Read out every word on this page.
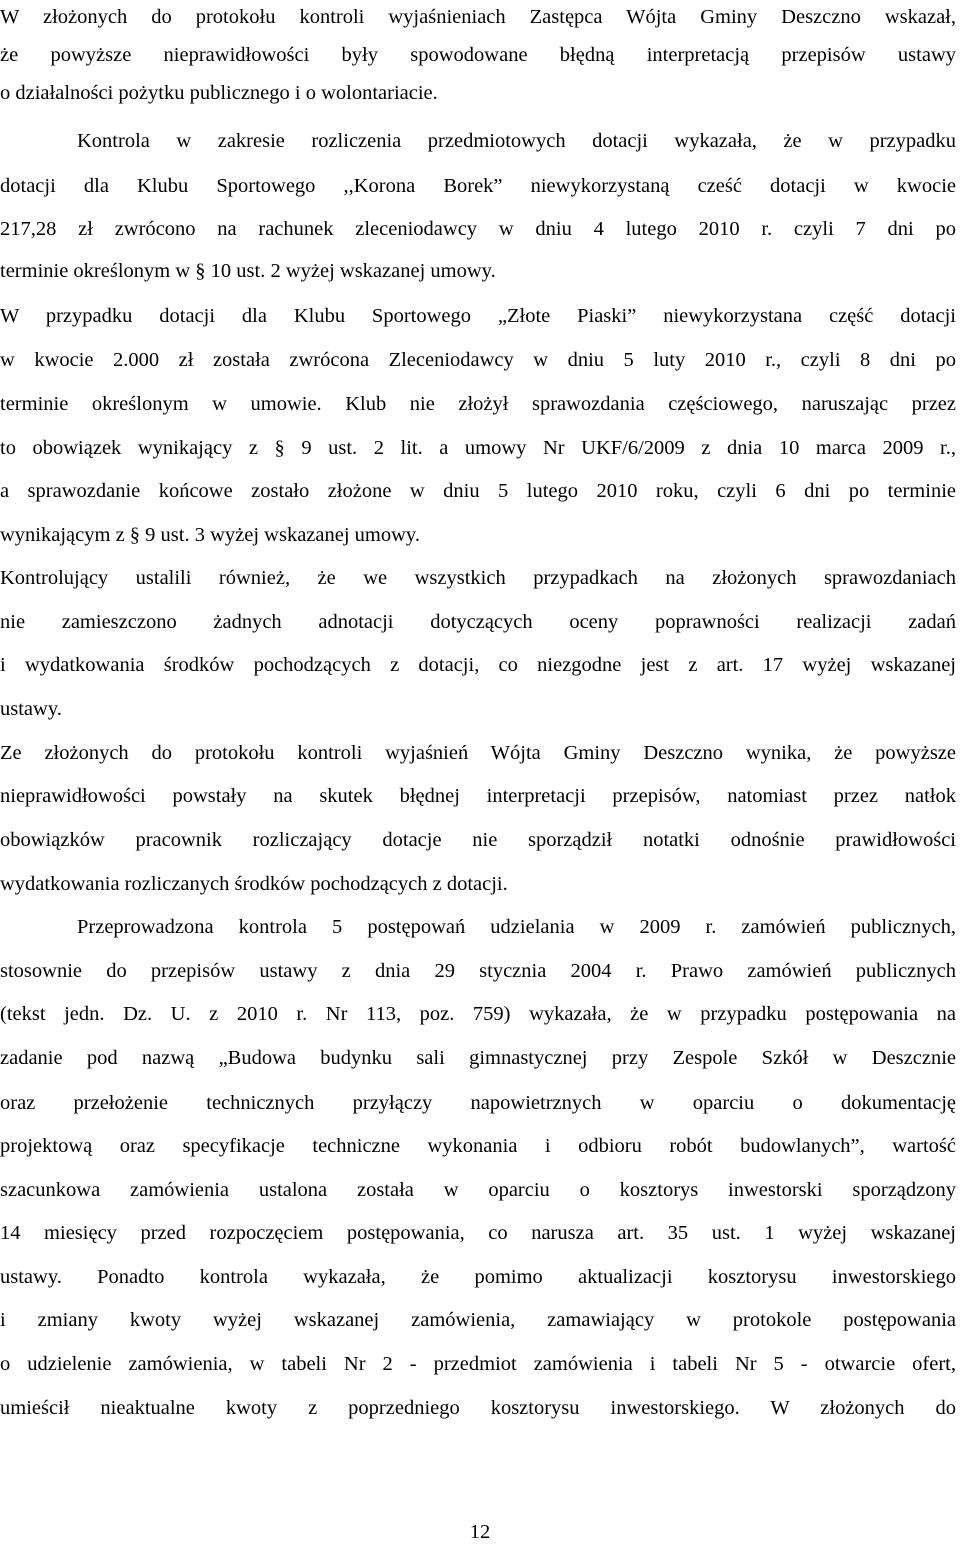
W złożonych do protokołu kontroli wyjaśnieniach Zastępca Wójta Gminy Deszczno wskazał,
że powyższe nieprawidłowości były spowodowane błędną interpretacją przepisów ustawy
o działalności pożytku publicznego i o wolontariacie.
Kontrola w zakresie rozliczenia przedmiotowych dotacji wykazała, że w przypadku
dotacji dla Klubu Sportowego ,,Korona Borek” niewykorzystaną cześć dotacji w kwocie
217,28 zł zwrócono na rachunek zleceniodawcy w dniu 4 lutego 2010 r. czyli 7 dni po
terminie określonym w § 10 ust. 2 wyżej wskazanej umowy.
W przypadku dotacji dla Klubu Sportowego „Złote Piaski” niewykorzystana część dotacji
w kwocie 2.000 zł została zwrócona Zleceniodawcy w dniu 5 luty 2010 r., czyli 8 dni po
terminie określonym w umowie. Klub nie złożył sprawozdania częściowego, naruszając przez
to obowiązek wynikający z § 9 ust. 2 lit. a umowy Nr UKF/6/2009 z dnia 10 marca 2009 r.,
a sprawozdanie końcowe zostało złożone w dniu 5 lutego 2010 roku, czyli 6 dni po terminie
wynikającym z § 9 ust. 3 wyżej wskazanej umowy.
Kontrolujący ustalili również, że we wszystkich przypadkach na złożonych sprawozdaniach
nie zamieszczono żadnych adnotacji dotyczących oceny poprawności realizacji zadań
i wydatkowania środków pochodzących z dotacji, co niezgodne jest z art. 17 wyżej wskazanej
ustawy.
Ze złożonych do protokołu kontroli wyjaśnień Wójta Gminy Deszczno wynika, że powyższe
nieprawidłowości powstały na skutek błędnej interpretacji przepisów, natomiast przez natłok
obowiązków pracownik rozliczający dotacje nie sporządził notatki odnośnie prawidłowości
wydatkowania rozliczanych środków pochodzących z dotacji.
Przeprowadzona kontrola 5 postępowań udzielania w 2009 r. zamówień publicznych,
stosownie do przepisów ustawy z dnia 29 stycznia 2004 r. Prawo zamówień publicznych
(tekst jedn. Dz. U. z 2010 r. Nr 113, poz. 759) wykazała, że w przypadku postępowania na
zadanie pod nazwą „Budowa budynku sali gimnastycznej przy Zespole Szkół w Deszcznie
oraz przełożenie technicznych przyłączy napowietrznych w oparciu o dokumentację
projektową oraz specyfikacje techniczne wykonania i odbioru robót budowlanych”, wartość
szacunkowa zamówienia ustalona została w oparciu o kosztorys inwestorski sporządzony
14 miesięcy przed rozpoczęciem postępowania, co narusza art. 35 ust. 1 wyżej wskazanej
ustawy. Ponadto kontrola wykazała, że pomimo aktualizacji kosztorysu inwestorskiego
i zmiany kwoty wyżej wskazanej zamówienia, zamawiający w protokole postępowania
o udzielenie zamówienia, w tabeli Nr 2 - przedmiot zamówienia i tabeli Nr 5 - otwarcie ofert,
umieścił nieaktualne kwoty z poprzedniego kosztorysu inwestorskiego. W złożonych do
12
